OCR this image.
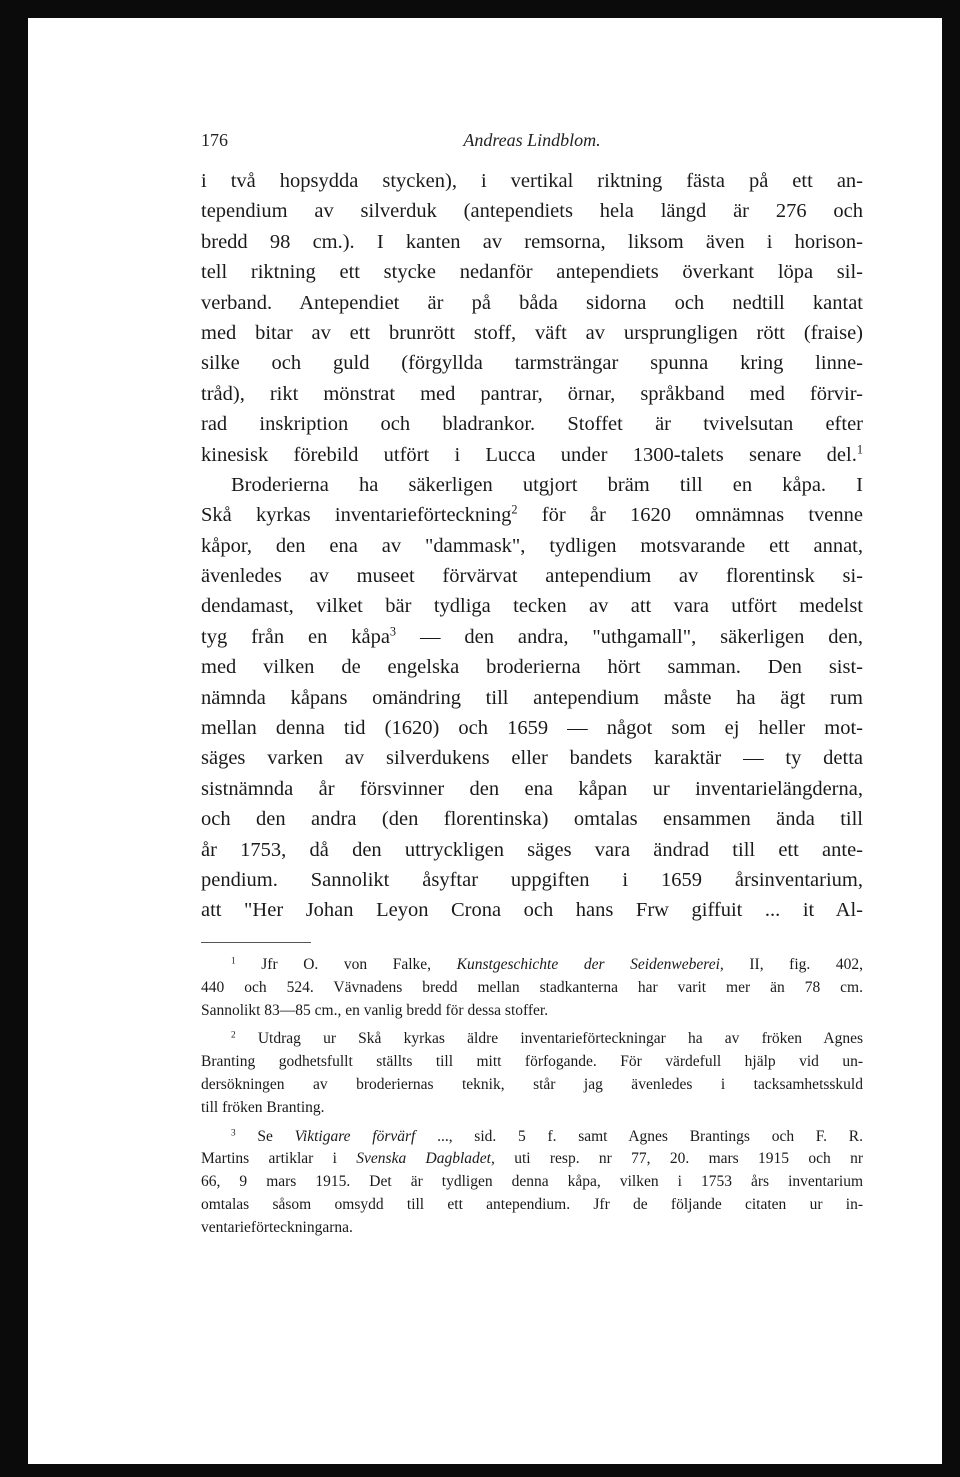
176	Andreas Lindblom.
i två hopsydda stycken), i vertikal riktning fästa på ett an-
tependium av silverduk (antependiets hela längd är 276 och
bredd 98 cm.). I kanten av remsorna, liksom även i horison-
tell riktning ett stycke nedanför antependiets överkant löpa sil-
verband. Antependiet är på båda sidorna och nedtill kantat
med bitar av ett brunrött stoff, väft av ursprungligen rött (fraise)
silke och guld (förgyllda tarmsträngar spunna kring linne-
tråd), rikt mönstrat med pantrar, örnar, språkband med förvir-
rad inskription och bladrankor. Stoffet är tvivelsutan efter
kinesisk förebild utfört i Lucca under 1300-talets senare del.$^1$
Broderierna ha säkerligen utgjort bräm till en kåpa. I
Skå kyrkas inventarieförteckning$^2$ för år 1620 omnämnas tvenne
kåpor, den ena av "dammask", tydligen motsvarande ett annat,
ävenledes av museet förvärvat antependium av florentinsk si-
dendamast, vilket bär tydliga tecken av att vara utfört medelst
tyg från en kåpa$^3$ — den andra, "uthgamall", säkerligen den,
med vilken de engelska broderierna hört samman. Den sist-
nämnda kåpans omändring till antependium måste ha ägt rum
mellan denna tid (1620) och 1659 — något som ej heller mot-
säges varken av silverdukens eller bandets karaktär — ty detta
sistnämnda år försvinner den ena kåpan ur inventarielängderna,
och den andra (den florentinska) omtalas ensammen ända till
år 1753, då den uttryckligen säges vara ändrad till ett ante-
pendium. Sannolikt åsyftar uppgiften i 1659 årsinventarium,
att "Her Johan Leyon Crona och hans Frw giffuit ... it Al-
$^1$ Jfr O. von Falke, Kunstgeschichte der Seidenweberei, II, fig. 402,
440 och 524. Vävnadens bredd mellan stadkanterna har varit mer än 78 cm.
Sannolikt 83—85 cm., en vanlig bredd för dessa stoffer.
$^2$ Utdrag ur Skå kyrkas äldre inventarieförteckningar ha av fröken Agnes
Branting godhetsfullt ställts till mitt förfogande. För värdefull hjälp vid un-
dersökningen av broderiernas teknik, står jag ävenledes i tacksamhetsskuld
till fröken Branting.
$^3$ Se Viktigare förvärf ..., sid. 5 f. samt Agnes Brantings och F. R.
Martins artiklar i Svenska Dagbladet, uti resp. nr 77, 20. mars 1915 och nr
66, 9 mars 1915. Det är tydligen denna kåpa, vilken i 1753 års inventarium
omtalas såsom omsydd till ett antependium. Jfr de följande citaten ur in-
ventarieförteckningarna.
